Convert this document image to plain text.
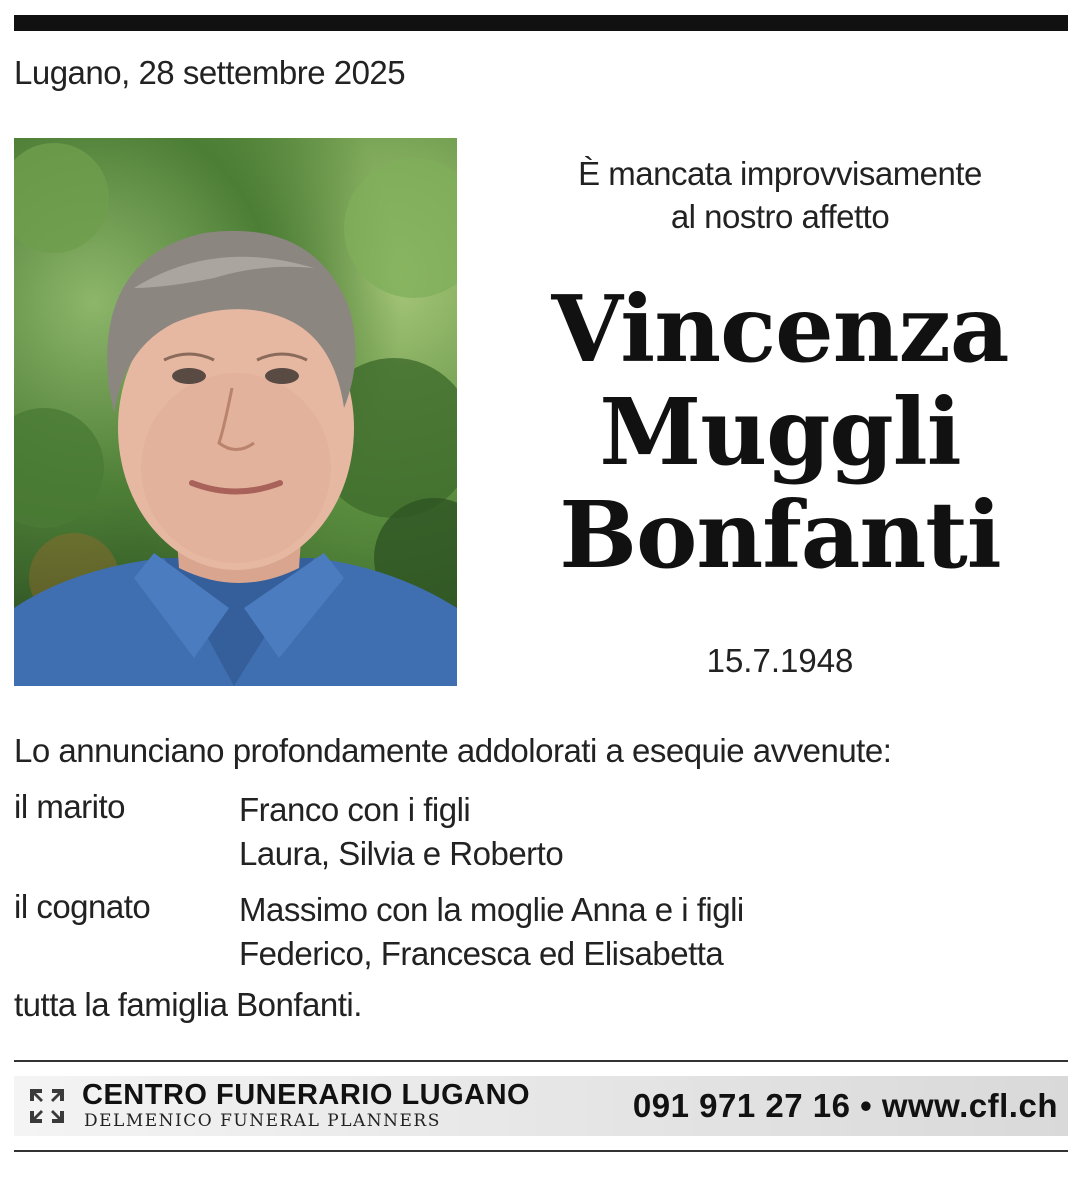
Lugano, 28 settembre 2025
È mancata improvvisamente
al nostro affetto
Vincenza
Muggli
Bonfanti
15.7.1948
Lo annunciano profondamente addolorati a esequie avvenute:
il marito	Franco con i figli
Laura, Silvia e Roberto
il cognato	Massimo con la moglie Anna e i figli
Federico, Francesca ed Elisabetta
tutta la famiglia Bonfanti.
CENTRO FUNERARIO LUGANO
DELMENICO FUNERAL PLANNERS	091 971 27 16 • www.cfl.ch
